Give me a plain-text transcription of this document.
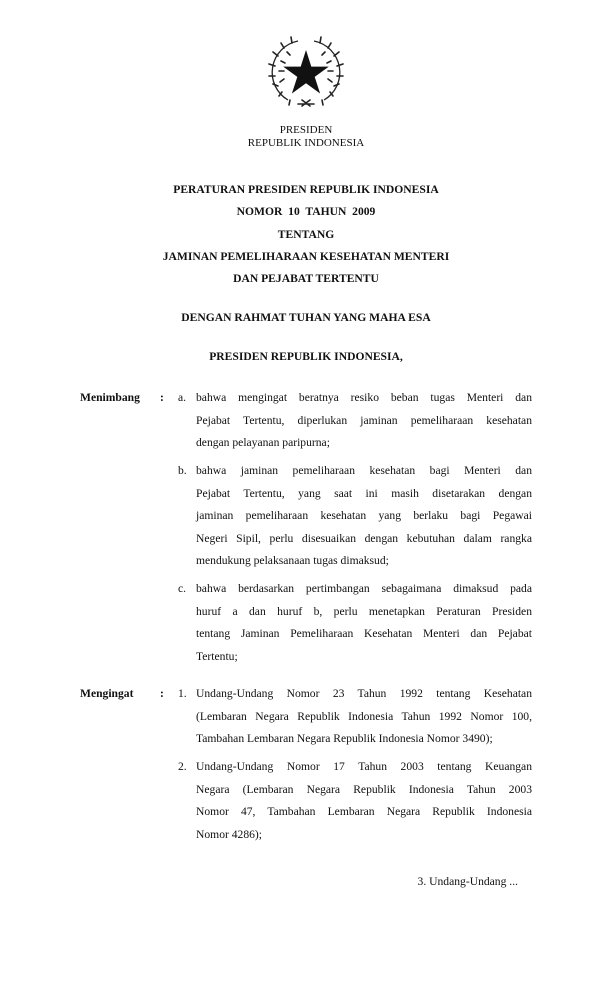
PRESIDEN
REPUBLIK INDONESIA
PERATURAN PRESIDEN REPUBLIK INDONESIA
NOMOR  10  TAHUN  2009
TENTANG
JAMINAN PEMELIHARAAN KESEHATAN MENTERI
DAN PEJABAT TERTENTU
DENGAN RAHMAT TUHAN YANG MAHA ESA
PRESIDEN REPUBLIK INDONESIA,
Menimbang : a. bahwa mengingat beratnya resiko beban tugas Menteri dan
Pejabat Tertentu, diperlukan jaminan pemeliharaan kesehatan
dengan pelayanan paripurna;
b. bahwa jaminan pemeliharaan kesehatan bagi Menteri dan
Pejabat Tertentu, yang saat ini masih disetarakan dengan
jaminan pemeliharaan kesehatan yang berlaku bagi Pegawai
Negeri Sipil, perlu disesuaikan dengan kebutuhan dalam rangka
mendukung pelaksanaan tugas dimaksud;
c. bahwa berdasarkan pertimbangan sebagaimana dimaksud pada
huruf a dan huruf b, perlu menetapkan Peraturan Presiden
tentang Jaminan Pemeliharaan Kesehatan Menteri dan Pejabat
Tertentu;
Mengingat : 1. Undang-Undang Nomor 23 Tahun 1992 tentang Kesehatan
(Lembaran Negara Republik Indonesia Tahun 1992 Nomor 100,
Tambahan Lembaran Negara Republik Indonesia Nomor 3490);
2. Undang-Undang Nomor 17 Tahun 2003 tentang Keuangan
Negara (Lembaran Negara Republik Indonesia Tahun 2003
Nomor 47, Tambahan Lembaran Negara Republik Indonesia
Nomor 4286);
3. Undang-Undang ...
